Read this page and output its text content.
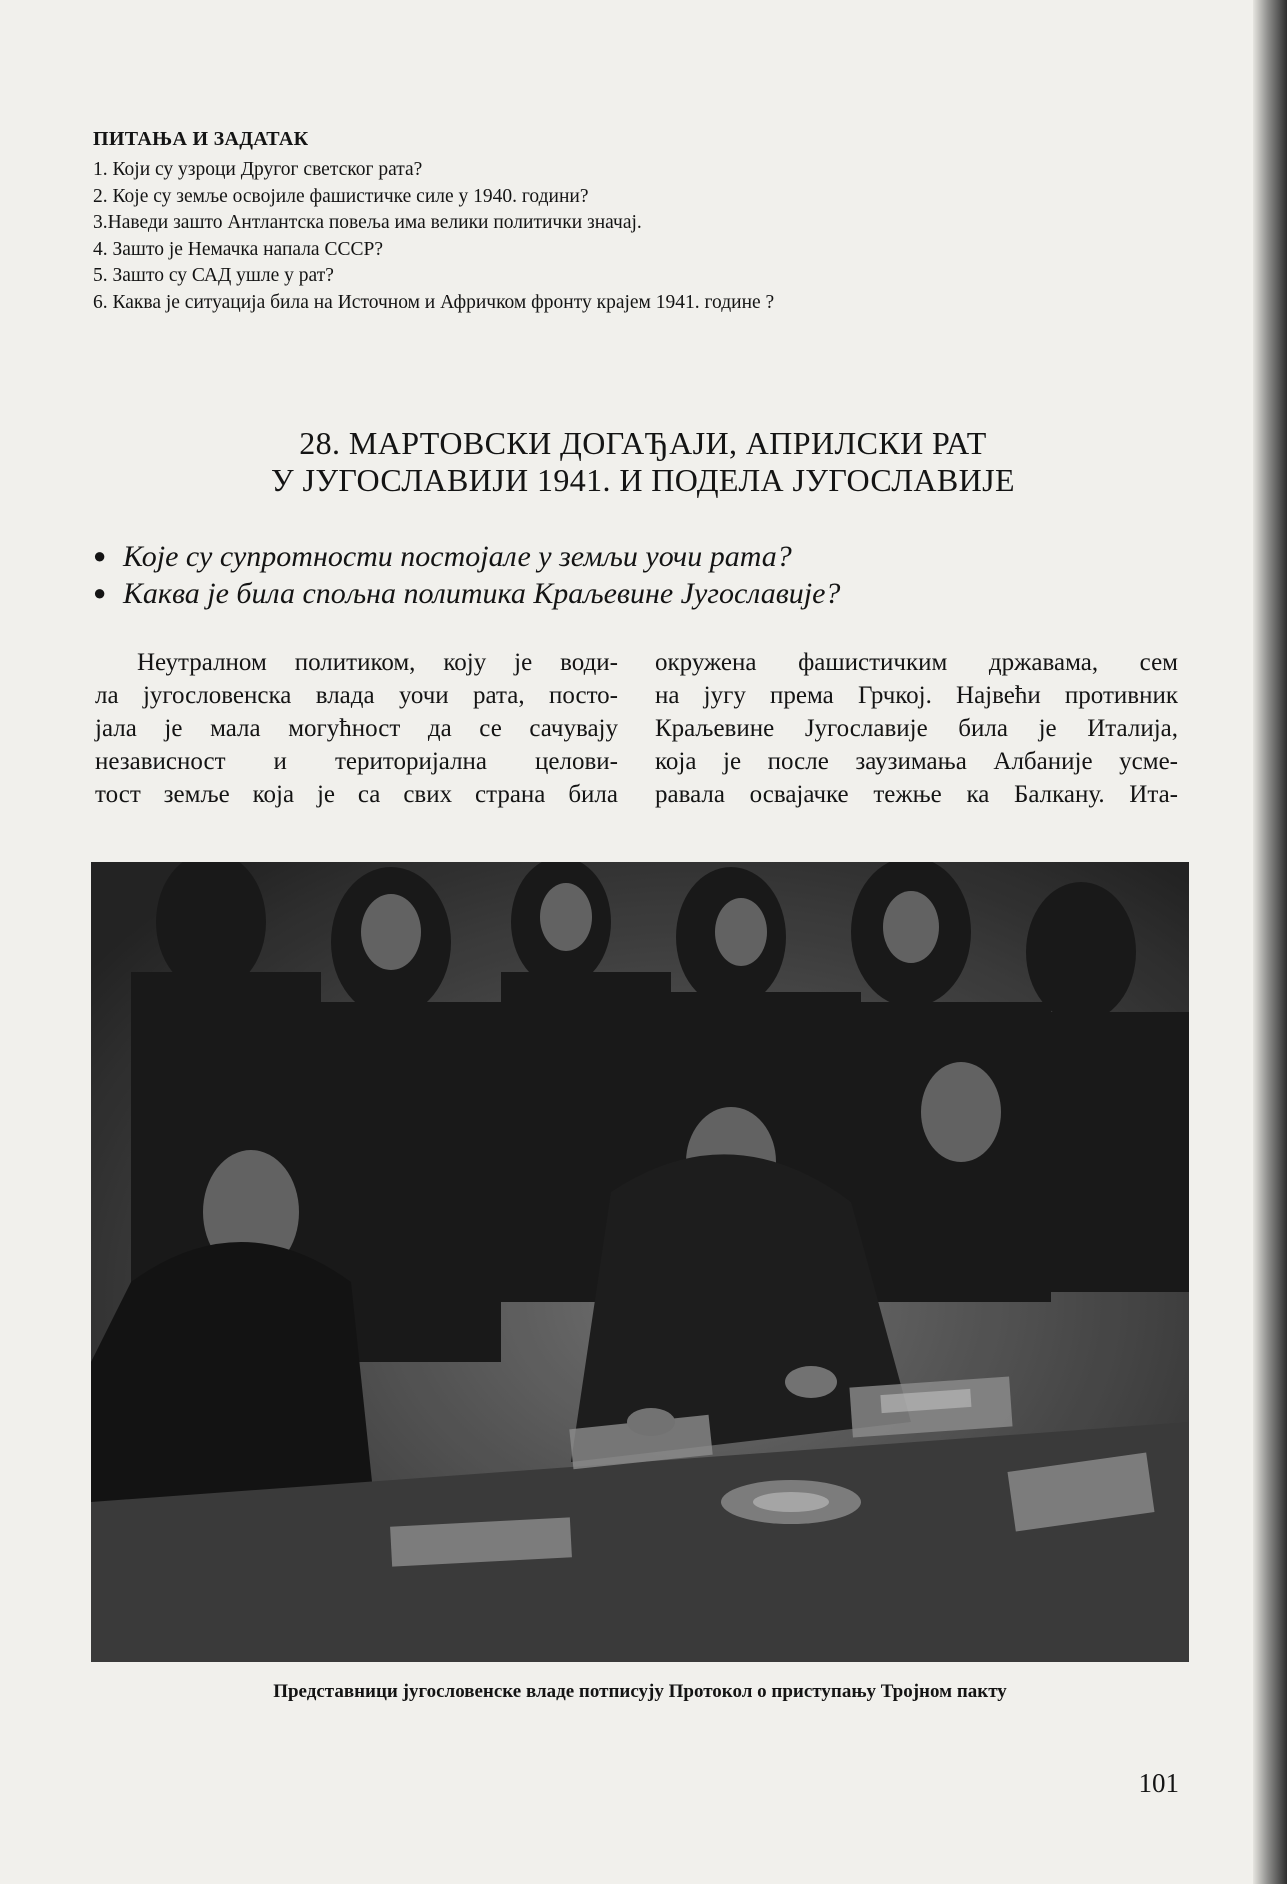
ПИТАЊА И ЗАДАТАК
1. Који су узроци Другог светског рата?
2. Које су земље освојиле фашистичке силе у 1940. години?
3.Наведи зашто Антлантска повеља има велики политички значај.
4. Зашто је Немачка напала СССР?
5. Зашто су САД ушле у рат?
6. Каква је ситуација била на Источном и Афричком фронту крајем 1941. године ?
28. МАРТОВСКИ ДОГАЂАЈИ, АПРИЛСКИ РАТ
У ЈУГОСЛАВИЈИ 1941. И ПОДЕЛА ЈУГОСЛАВИЈЕ
● Које су супротности постојале у земљи уочи рата?
● Каква је била спољна политика Краљевине Југославије?
Неутралном политиком, коју је води-
ла југословенска влада уочи рата, посто-
јала је мала могућност да се сачувају
независност и територијална целови-
тост земље која је са свих страна била
окружена фашистичким државама, сем
на југу према Грчкој. Највећи противник
Краљевине Југославије била је Италија,
која је после заузимања Албаније усме-
равала освајачке тежње ка Балкану. Ита-
Представници југословенске владе потписују Протокол о приступању Тројном пакту
101
